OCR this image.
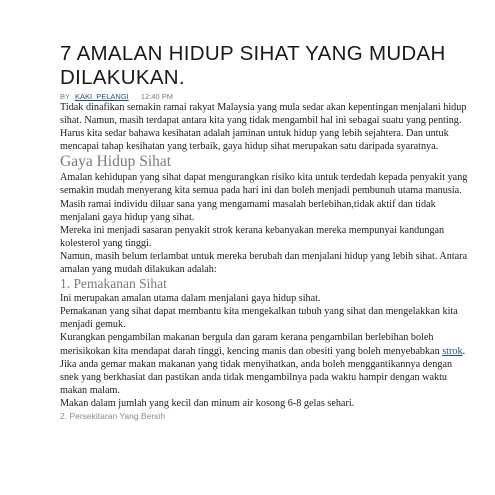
7 AMALAN HIDUP SIHAT YANG MUDAH DILAKUKAN.
BY KAKI_PELANGI 12:40 PM

Tidak dinafikan semakin ramai rakyat Malaysia yang mula sedar akan kepentingan menjalani hidup sihat. Namun, masih terdapat antara kita yang tidak mengambil hal ini sebagai suatu yang penting.

Harus kita sedar bahawa kesihatan adalah jaminan untuk hidup yang lebih sejahtera. Dan untuk mencapai tahap kesihatan yang terbaik, gaya hidup sihat merupakan satu daripada syaratnya.

Gaya Hidup Sihat

Amalan kehidupan yang sihat dapat mengurangkan risiko kita untuk terdedah kepada penyakit yang semakin mudah menyerang kita semua pada hari ini dan boleh menjadi pembunuh utama manusia.

Masih ramai individu diluar sana yang mengamami masalah berlebihan,tidak aktif dan tidak menjalani gaya hidup yang sihat.

Mereka ini menjadi sasaran penyakit strok kerana kebanyakan mereka mempunyai kandungan kolesterol yang tinggi.

Namun, masih belum terlambat untuk mereka berubah dan menjalani hidup yang lebih sihat. Antara amalan yang mudah dilakukan adalah:

1. Pemakanan Sihat

Ini merupakan amalan utama dalam menjalani gaya hidup sihat.

Pemakanan yang sihat dapat membantu kita mengekalkan tubuh yang sihat dan mengelakkan kita menjadi gemuk.

Kurangkan pengambilan makanan bergula dan garam kerana pengambilan berlebihan boleh merisikokan kita mendapat darah tinggi, kencing manis dan obesiti yang boleh menyebabkan strok.

Jika anda gemar makan makanan yang tidak menyihatkan, anda boleh menggantikannya dengan snek yang berkhasiat dan pastikan anda tidak mengambilnya pada waktu hampir dengan waktu makan malam.

Makan dalam jumlah yang kecil dan minum air kosong 6-8 gelas sehari.

2. Persekitaran Yang Bersih
